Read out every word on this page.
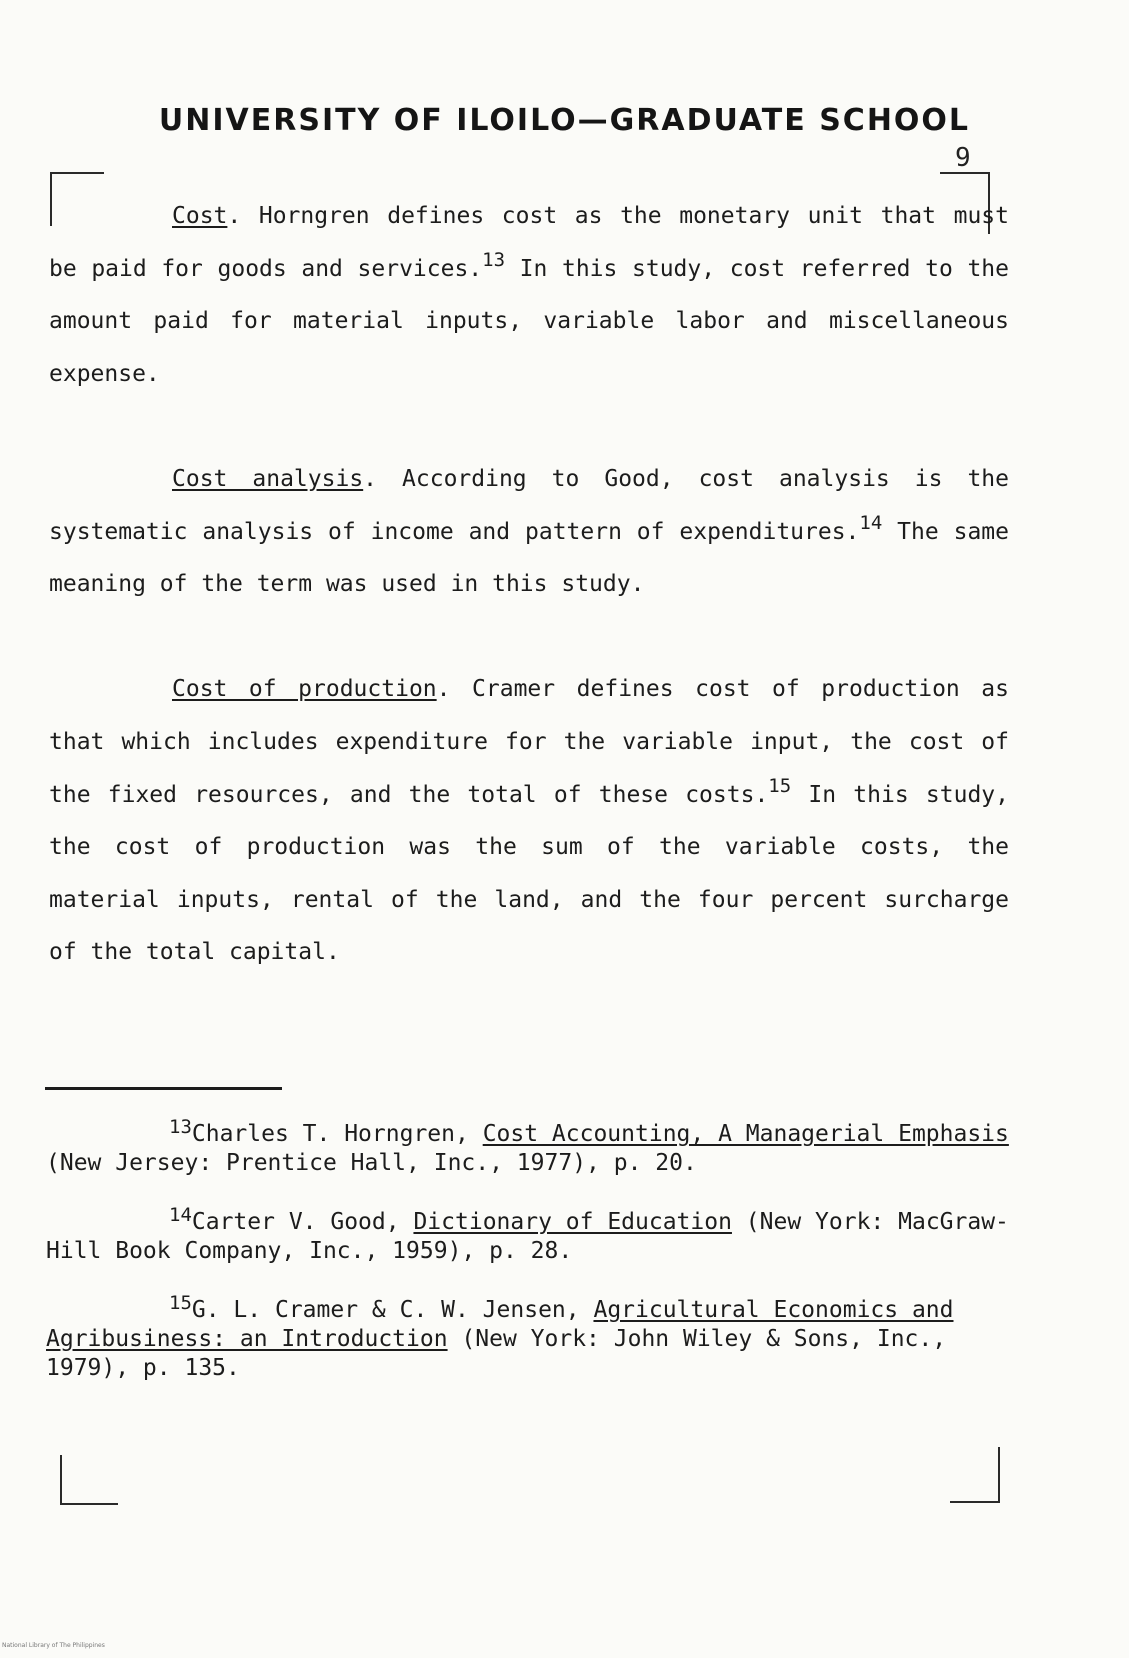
UNIVERSITY OF ILOILO—GRADUATE SCHOOL
9

Cost. Horngren defines cost as the monetary unit that must be paid for goods and services.$^{13}$ In this study, cost referred to the amount paid for material inputs, variable labor and miscellaneous expense.

Cost analysis. According to Good, cost analysis is the systematic analysis of income and pattern of expenditures.$^{14}$ The same meaning of the term was used in this study.

Cost of production. Cramer defines cost of production as that which includes expenditure for the variable input, the cost of the fixed resources, and the total of these costs.$^{15}$ In this study, the cost of production was the sum of the variable costs, the material inputs, rental of the land, and the four percent surcharge of the total capital.

$^{13}$Charles T. Horngren, Cost Accounting, A Managerial Emphasis (New Jersey: Prentice Hall, Inc., 1977), p. 20.

$^{14}$Carter V. Good, Dictionary of Education (New York: MacGraw-Hill Book Company, Inc., 1959), p. 28.

$^{15}$G. L. Cramer & C. W. Jensen, Agricultural Economics and Agribusiness: an Introduction (New York: John Wiley & Sons, Inc., 1979), p. 135.

National Library of The Philippines
